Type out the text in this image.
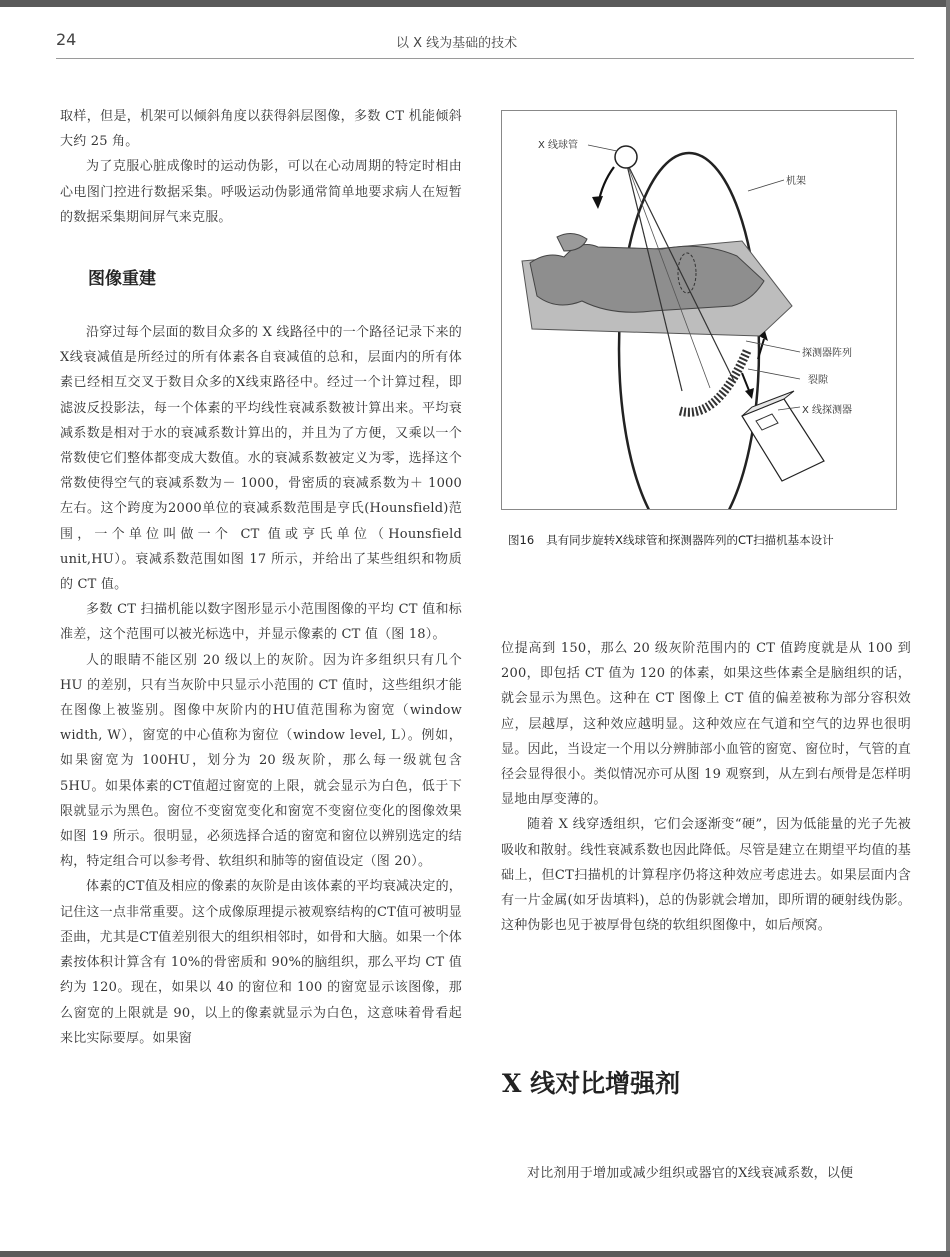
24	以 X 线为基础的技术

取样，但是，机架可以倾斜角度以获得斜层图像，多数 CT 机能倾斜大约 25 角。

为了克服心脏成像时的运动伪影，可以在心动周期的特定时相由心电图门控进行数据采集。呼吸运动伪影通常简单地要求病人在短暂的数据采集期间屏气来克服。

图像重建

沿穿过每个层面的数目众多的 X 线路径中的一个路径记录下来的X线衰减值是所经过的所有体素各自衰减值的总和，层面内的所有体素已经相互交叉于数目众多的X线束路径中。经过一个计算过程，即滤波反投影法，每一个体素的平均线性衰减系数被计算出来。平均衰减系数是相对于水的衰减系数计算出的，并且为了方便，又乘以一个常数使它们整体都变成大数值。水的衰减系数被定义为零，选择这个常数使得空气的衰减系数为－ 1000，骨密质的衰减系数为＋ 1000 左右。这个跨度为2000单位的衰减系数范围是亨氏(Hounsfield)范围，一个单位叫做一个 CT 值或亨氏单位（Hounsfield unit,HU）。衰减系数范围如图 17 所示，并给出了某些组织和物质的 CT 值。

多数 CT 扫描机能以数字图形显示小范围图像的平均 CT 值和标准差，这个范围可以被光标选中，并显示像素的 CT 值（图 18）。

人的眼睛不能区别 20 级以上的灰阶。因为许多组织只有几个 HU 的差别，只有当灰阶中只显示小范围的 CT 值时，这些组织才能在图像上被鉴别。图像中灰阶内的HU值范围称为窗宽（window width, W），窗宽的中心值称为窗位（window level, L）。例如，如果窗宽为 100HU，划分为 20 级灰阶，那么每一级就包含 5HU。如果体素的CT值超过窗宽的上限，就会显示为白色，低于下限就显示为黑色。窗位不变窗宽变化和窗宽不变窗位变化的图像效果如图 19 所示。很明显，必须选择合适的窗宽和窗位以辨别选定的结构，特定组合可以参考骨、软组织和肺等的窗值设定（图 20）。

体素的CT值及相应的像素的灰阶是由该体素的平均衰减决定的，记住这一点非常重要。这个成像原理提示被观察结构的CT值可被明显歪曲，尤其是CT值差别很大的组织相邻时，如骨和大脑。如果一个体素按体积计算含有 10%的骨密质和 90%的脑组织，那么平均 CT 值约为 120。现在，如果以 40 的窗位和 100 的窗宽显示该图像，那么窗宽的上限就是 90，以上的像素就显示为白色，这意味着骨看起来比实际要厚。如果窗

X 线球管
机架
探测器阵列
裂隙
X 线探测器
图16 具有同步旋转X线球管和探测器阵列的CT扫描机基本设计

位提高到 150，那么 20 级灰阶范围内的 CT 值跨度就是从 100 到 200，即包括 CT 值为 120 的体素，如果这些体素全是脑组织的话，就会显示为黑色。这种在 CT 图像上 CT 值的偏差被称为部分容积效应，层越厚，这种效应越明显。这种效应在气道和空气的边界也很明显。因此，当设定一个用以分辨肺部小血管的窗宽、窗位时，气管的直径会显得很小。类似情况亦可从图 19 观察到，从左到右颅骨是怎样明显地由厚变薄的。

随着 X 线穿透组织，它们会逐渐变“硬”，因为低能量的光子先被吸收和散射。线性衰减系数也因此降低。尽管是建立在期望平均值的基础上，但CT扫描机的计算程序仍将这种效应考虑进去。如果层面内含有一片金属(如牙齿填料)，总的伪影就会增加，即所谓的硬射线伪影。这种伪影也见于被厚骨包绕的软组织图像中，如后颅窝。

X 线对比增强剂

对比剂用于增加或减少组织或器官的X线衰减系数，以便
